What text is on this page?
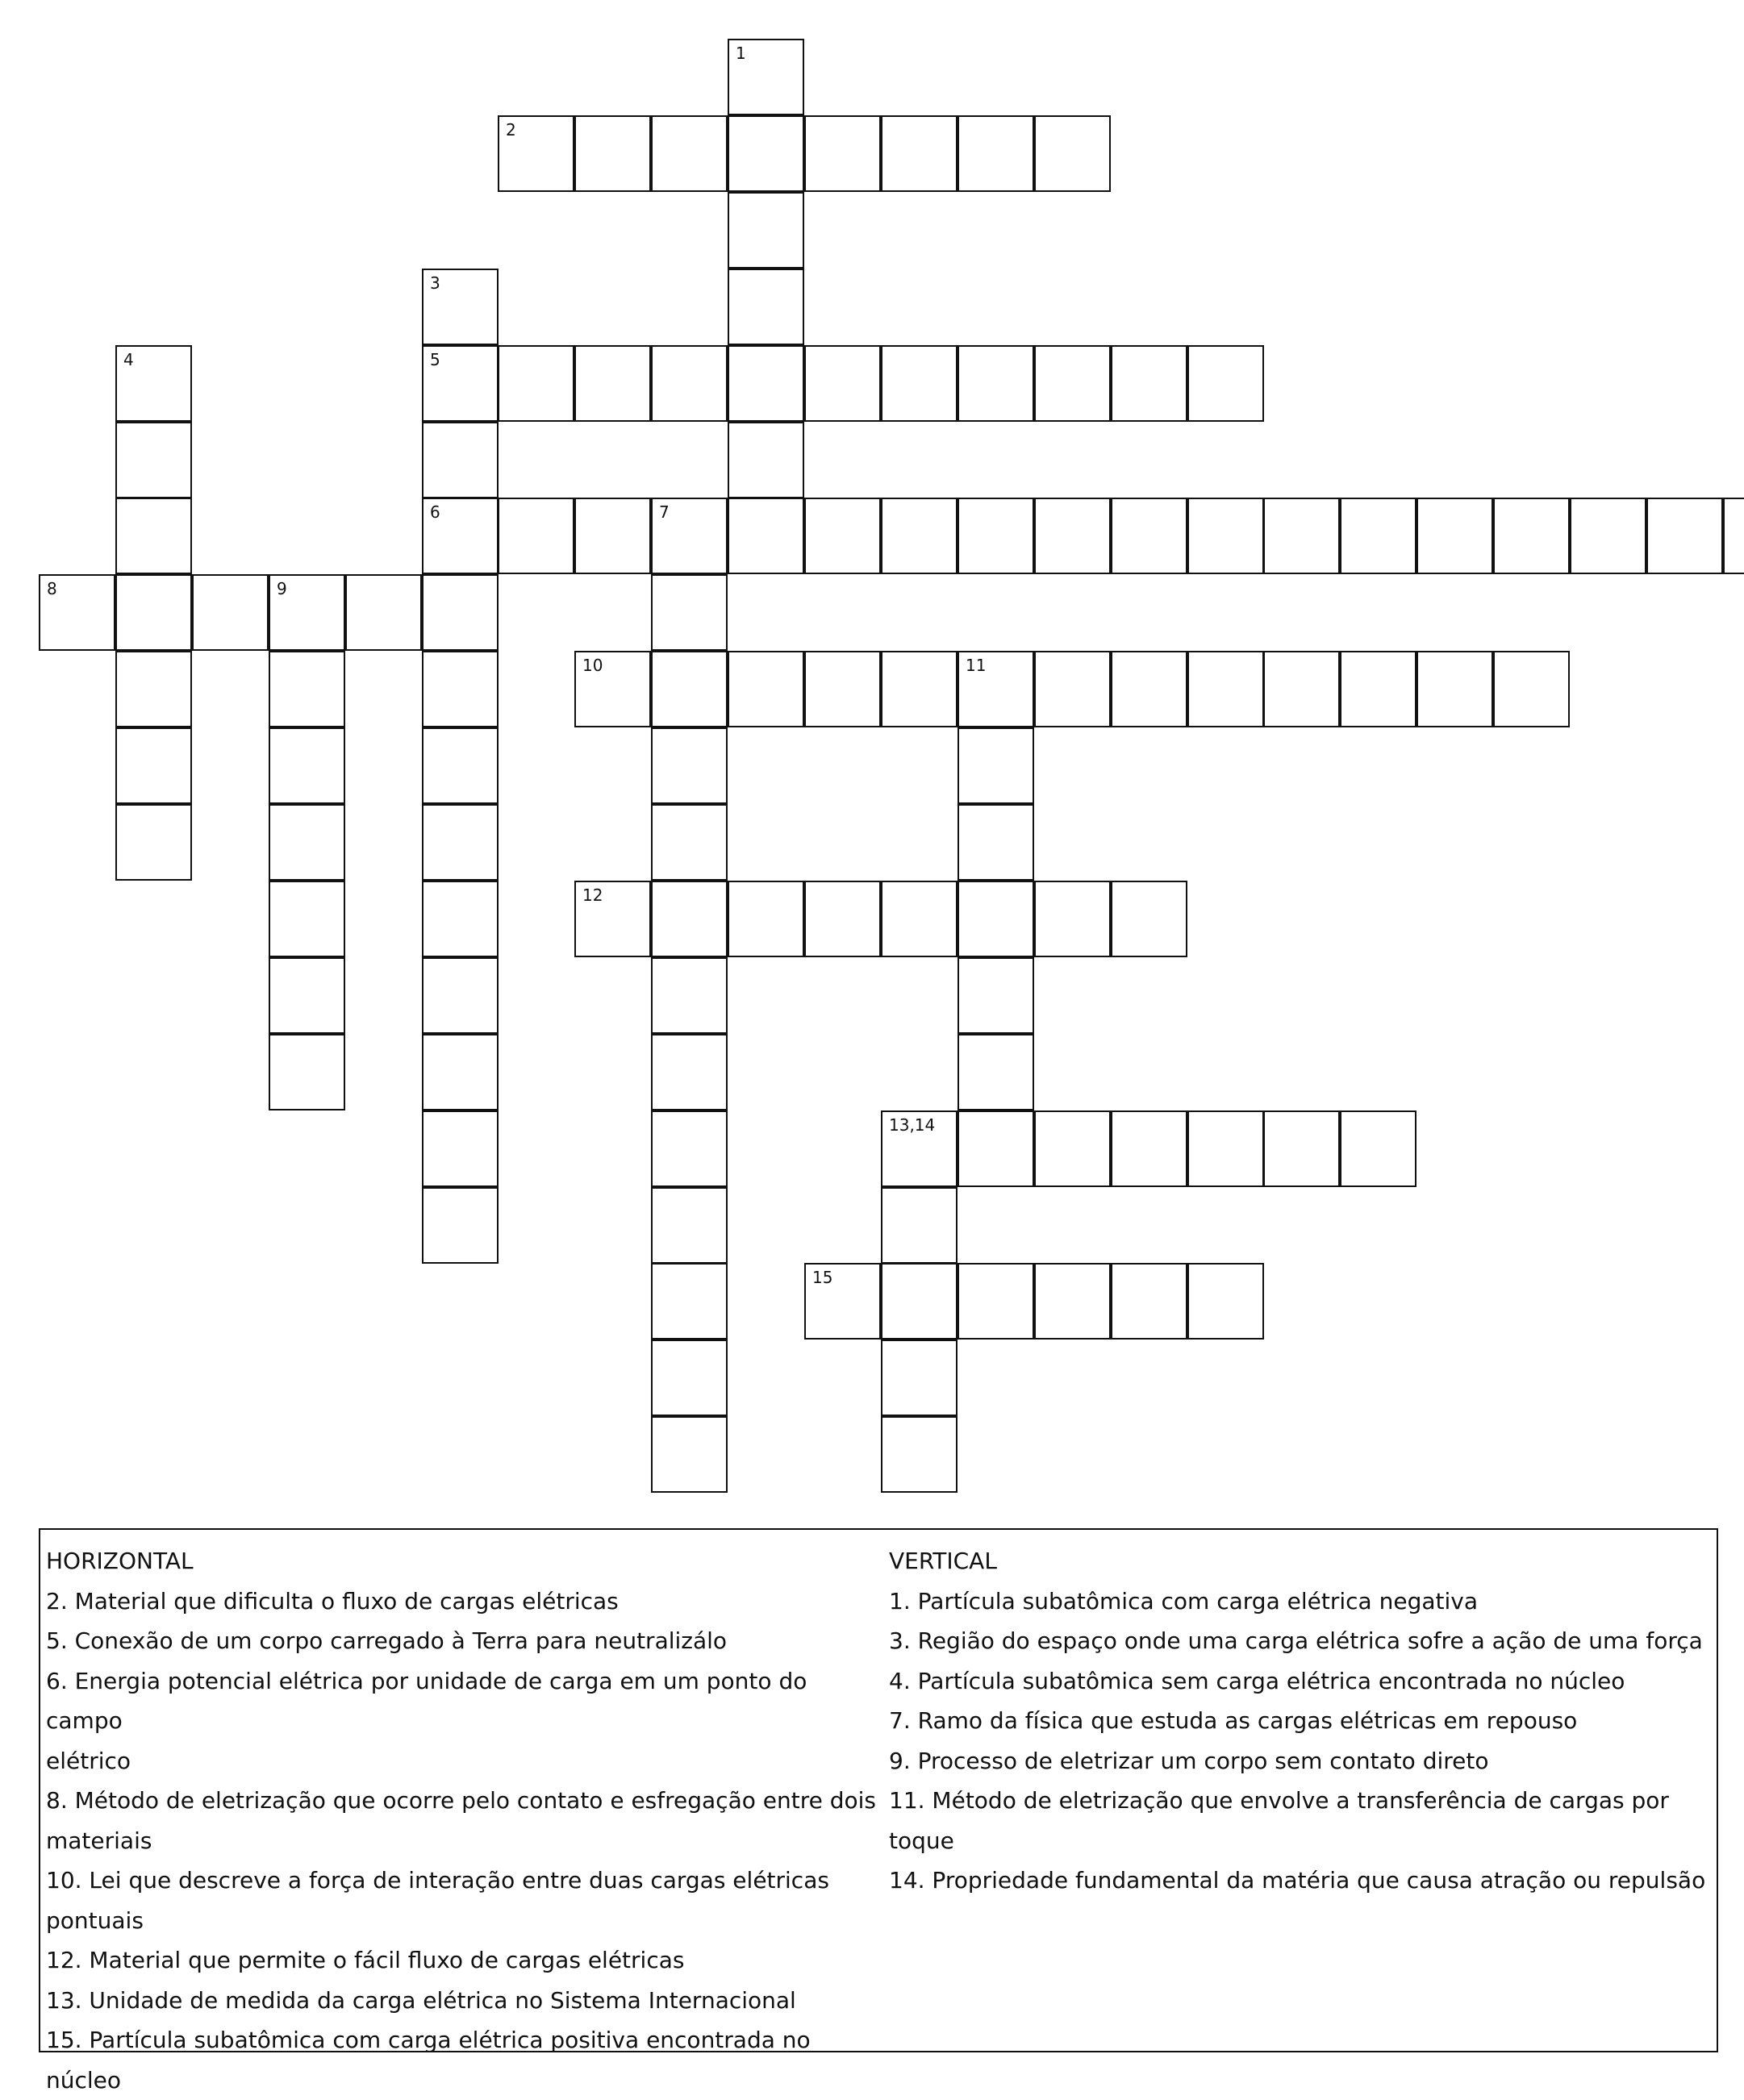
1
2
3
4	5
6	7
8	9
10	11
12
13,14
15
HORIZONTAL
2. Material que dificulta o fluxo de cargas elétricas
5. Conexão de um corpo carregado à Terra para neutralizálo
6. Energia potencial elétrica por unidade de carga em um ponto do campo
elétrico
8. Método de eletrização que ocorre pelo contato e esfregação entre dois
materiais
10. Lei que descreve a força de interação entre duas cargas elétricas
pontuais
12. Material que permite o fácil fluxo de cargas elétricas
13. Unidade de medida da carga elétrica no Sistema Internacional
15. Partícula subatômica com carga elétrica positiva encontrada no núcleo
VERTICAL
1. Partícula subatômica com carga elétrica negativa
3. Região do espaço onde uma carga elétrica sofre a ação de uma força
4. Partícula subatômica sem carga elétrica encontrada no núcleo
7. Ramo da física que estuda as cargas elétricas em repouso
9. Processo de eletrizar um corpo sem contato direto
11. Método de eletrização que envolve a transferência de cargas por toque
14. Propriedade fundamental da matéria que causa atração ou repulsão
